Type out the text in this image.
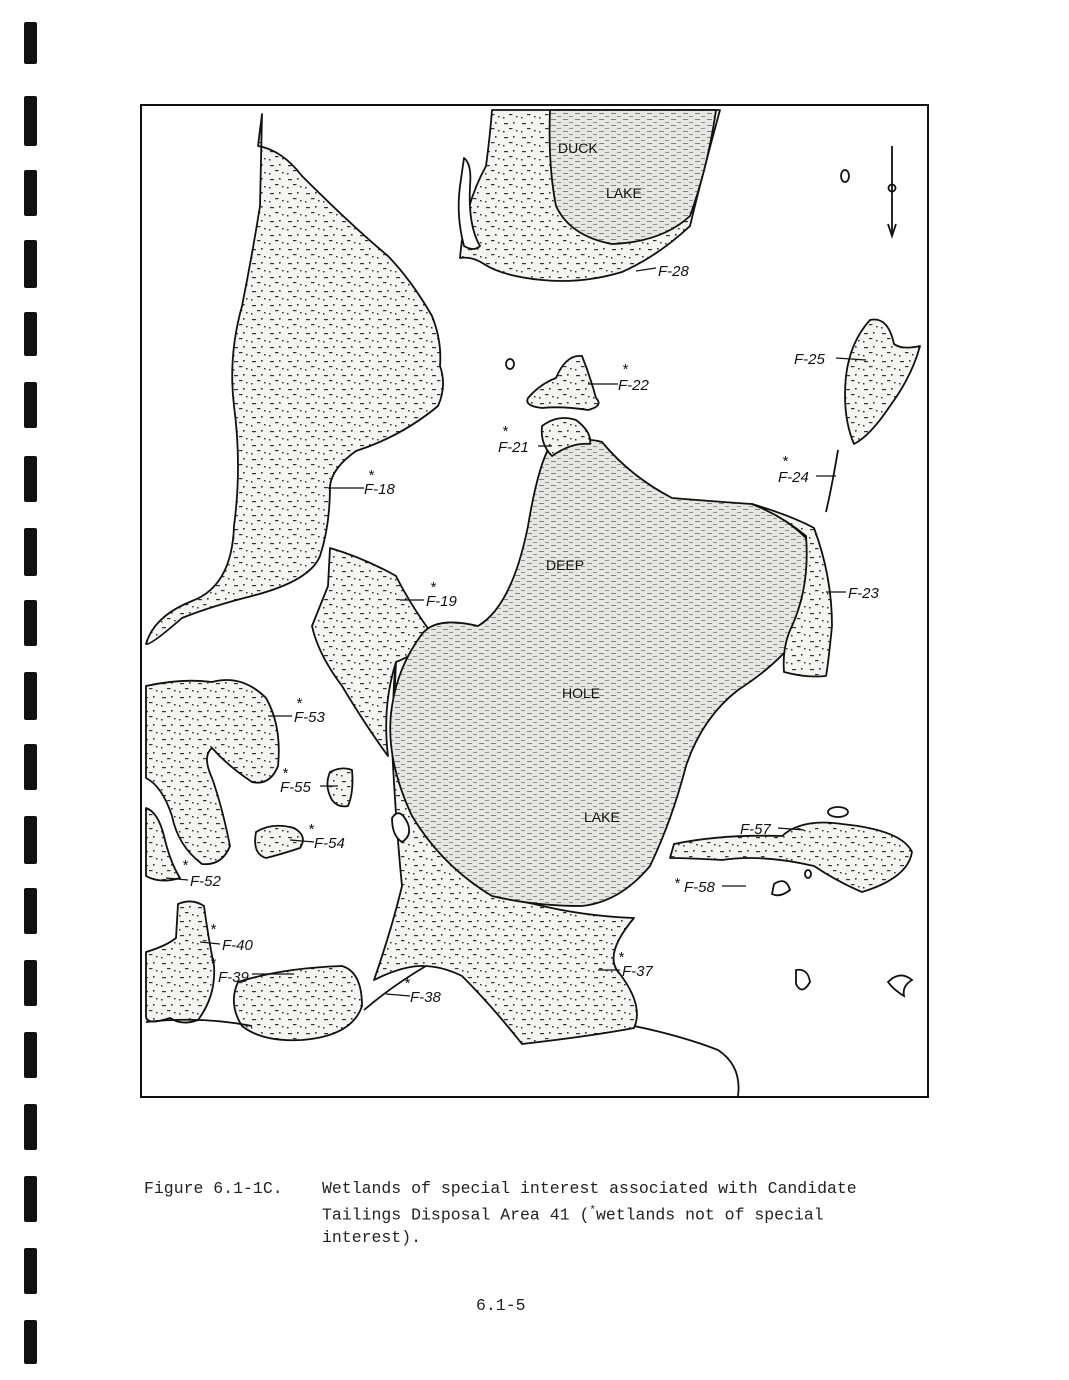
DUCK
LAKE
DEEP
HOLE
LAKE
*
*
*
*
*
*
*
*
*
*
*
*	*
*
F-28
F-25
F-22
F-21
F-24
F-18
F-23
F-19
F-53
F-55
F-54
F-57
F-52	F-58
F-40
F-39	F-37
F-38
Figure 6.1-1C. Wetlands of special interest associated with Candidate Tailings Disposal Area 41 (*wetlands not of special interest).
6.1-5
